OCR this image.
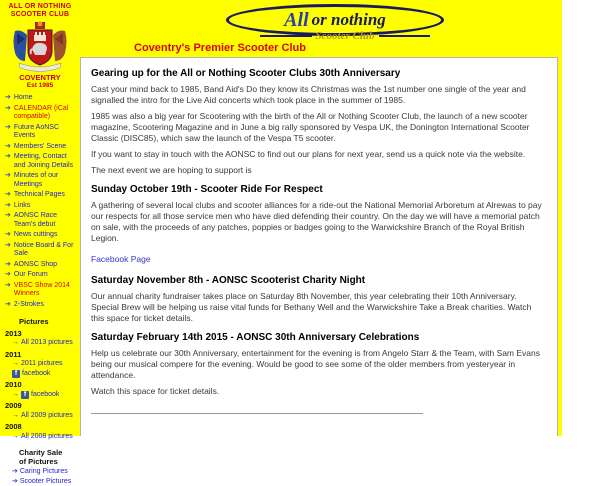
ALL OR NOTHING
SCOOTER CLUB
COVENTRY
Est 1985
➔ Home
➔ CALENDAR (iCal compatible)
➔ Future AoNSC Events
➔ Members' Scene
➔ Meeting, Contact and Joining Details
➔ Minutes of our Meetings
➔ Technical Pages
➔ Links
➔ AONSC Race Team's debut
➔ News cuttings
➔ Notice Board & For Sale
➔ AONSC Shop
➔ Our Forum
➔ VBSC Show 2014 Winners
➔ 2-Strokes
Pictures
2013
→ All 2013 pictures
2011
→ 2011 pictures
f facebook
2010
→ f facebook
2009
→ All 2009 pictures
2008
→ All 2008 pictures
Charity Sale of Pictures
➔ Caring Pictures
➔ Scooter Pictures
All or nothing
Scooter Club
Coventry's Premier Scooter Club
Gearing up for the All or Nothing Scooter Clubs 30th Anniversary

Cast your mind back to 1985, Band Aid's Do they know its Christmas was the 1st number one single of the year and signalled the intro for the Live Aid concerts which took place in the summer of 1985.

1985 was also a big year for Scootering with the birth of the All or Nothing Scooter Club, the launch of a new scooter magazine, Scootering Magazine and in June a big rally sponsored by Vespa UK, the Donington International Scooter Classic (DISC85), which saw the launch of the Vespa T5 scooter.

If you want to stay in touch with the AONSC to find out our plans for next year, send us a quick note via the website.

The next event we are hoping to support is

Sunday October 19th - Scooter Ride For Respect

A gathering of several local clubs and scooter alliances for a ride-out the National Memorial Arboretum at Alrewas to pay our respects for all those service men who have died defending their country. On the day we will have a memorial patch on sale, with the proceeds of any patches, poppies or badges going to the Warwickshire Branch of the Royal British Legion.

Facebook Page
Saturday November 8th - AONSC Scooterist Charity Night

Our annual charity fundraiser takes place on Saturday 8th November, this year celebrating their 10th Anniversary. Special Brew will be helping us raise vital funds for Bethany Well and the Warwickshire Take a Break charities. Watch this space for ticket details.

Saturday February 14th 2015 - AONSC 30th Anniversary Celebrations

Help us celebrate our 30th Anniversary, entertainment for the evening is from Angelo Starr & the Team, with Sam Evans being our musical compere for the evening. Would be good to see some of the older members from yesteryear in attendance.

Watch this space for ticket details.
